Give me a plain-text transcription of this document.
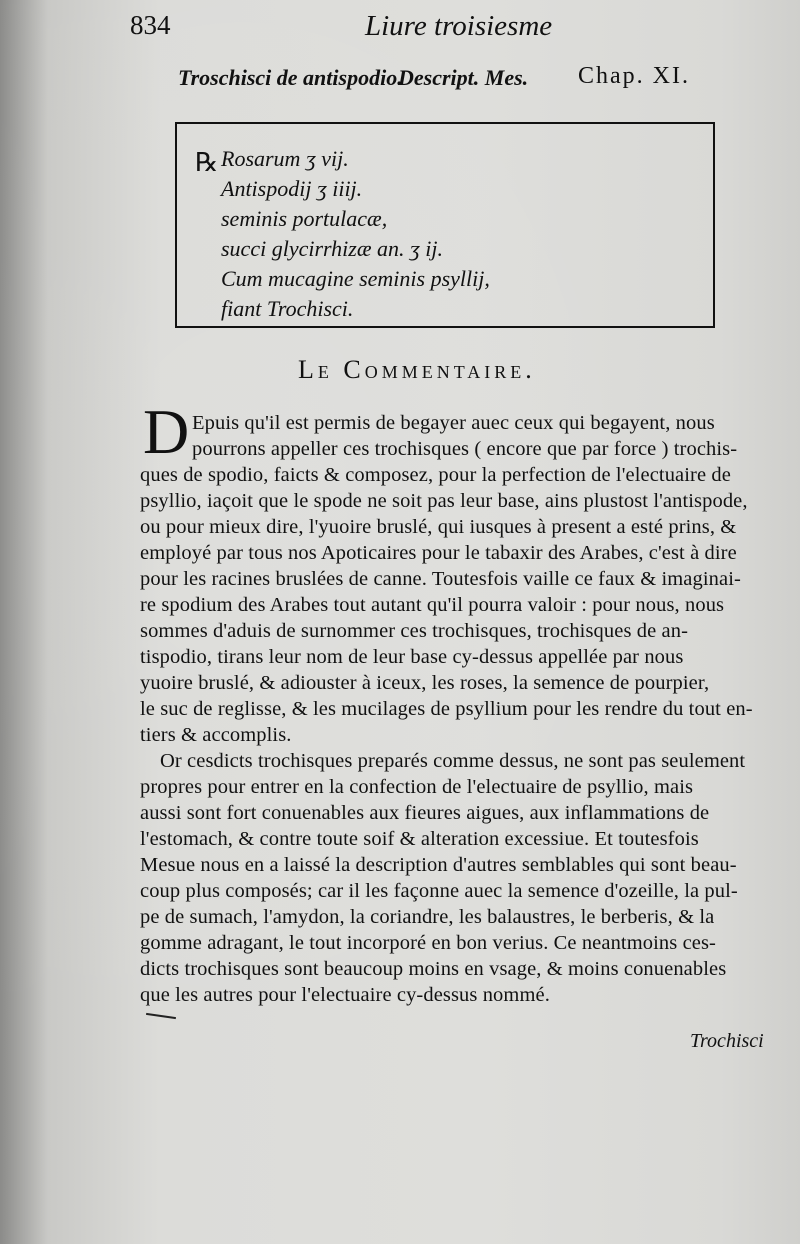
834	Liure troisiesme
Troschisci de antispodio.
Descript. Mes. Chap. XI.
℞ Rosarum ʒ vij.
Antispodij ʒ iiij.
seminis portulacæ,
succi glycirrhizæ an. ʒ ij.
Cum mucagine seminis psyllij,
fiant Trochisci.
Le Commentaire.
D Epuis qu'il est permis de begayer auec ceux qui begayent, nous
pourrons appeller ces trochisques ( encore que par force ) trochis-
ques de spodio, faicts & composez, pour la perfection de l'electuaire de
psyllio, iaçoit que le spode ne soit pas leur base, ains plustost l'antispode,
ou pour mieux dire, l'yuoire bruslé, qui iusques à present a esté prins, &
employé par tous nos Apoticaires pour le tabaxir des Arabes, c'est à dire
pour les racines bruslées de canne. Toutesfois vaille ce faux & imaginai-
re spodium des Arabes tout autant qu'il pourra valoir : pour nous, nous
sommes d'aduis de surnommer ces trochisques, trochisques de an-
tispodio, tirans leur nom de leur base cy-dessus appellée par nous
yuoire bruslé, & adiouster à iceux, les roses, la semence de pourpier,
le suc de reglisse, & les mucilages de psyllium pour les rendre du tout en-
tiers & accomplis.
Or cesdicts trochisques preparés comme dessus, ne sont pas seulement
propres pour entrer en la confection de l'electuaire de psyllio, mais
aussi sont fort conuenables aux fieures aigues, aux inflammations de
l'estomach, & contre toute soif & alteration excessiue. Et toutesfois
Mesue nous en a laissé la description d'autres semblables qui sont beau-
coup plus composés; car il les façonne auec la semence d'ozeille, la pul-
pe de sumach, l'amydon, la coriandre, les balaustres, le berberis, & la
gomme adragant, le tout incorporé en bon verius. Ce neantmoins ces-
dicts trochisques sont beaucoup moins en vsage, & moins conuenables
que les autres pour l'electuaire cy-dessus nommé.
Trochisci
